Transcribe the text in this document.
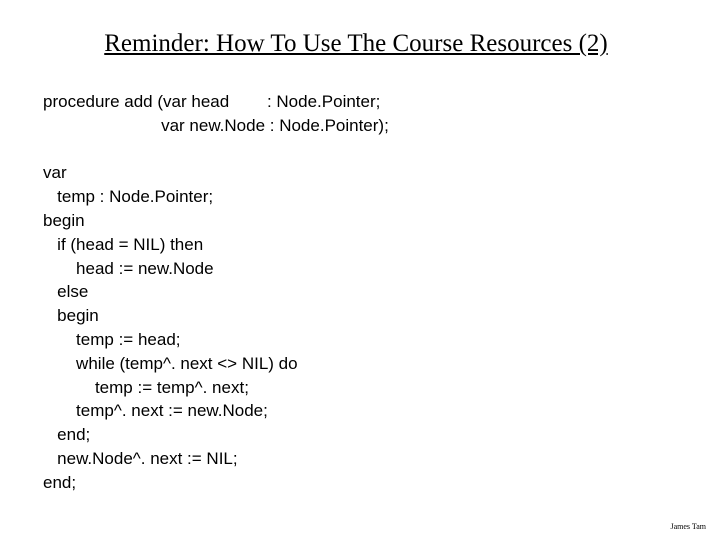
Reminder: How To Use The Course Resources (2)
procedure add (var head        : Node.Pointer;
var new.Node : Node.Pointer);
var
temp : Node.Pointer;
begin
if (head = NIL) then
head := new.Node
else
begin
temp := head;
while (temp^. next <> NIL) do
temp := temp^. next;
temp^. next := new.Node;
end;
new.Node^. next := NIL;
end;
James Tam
